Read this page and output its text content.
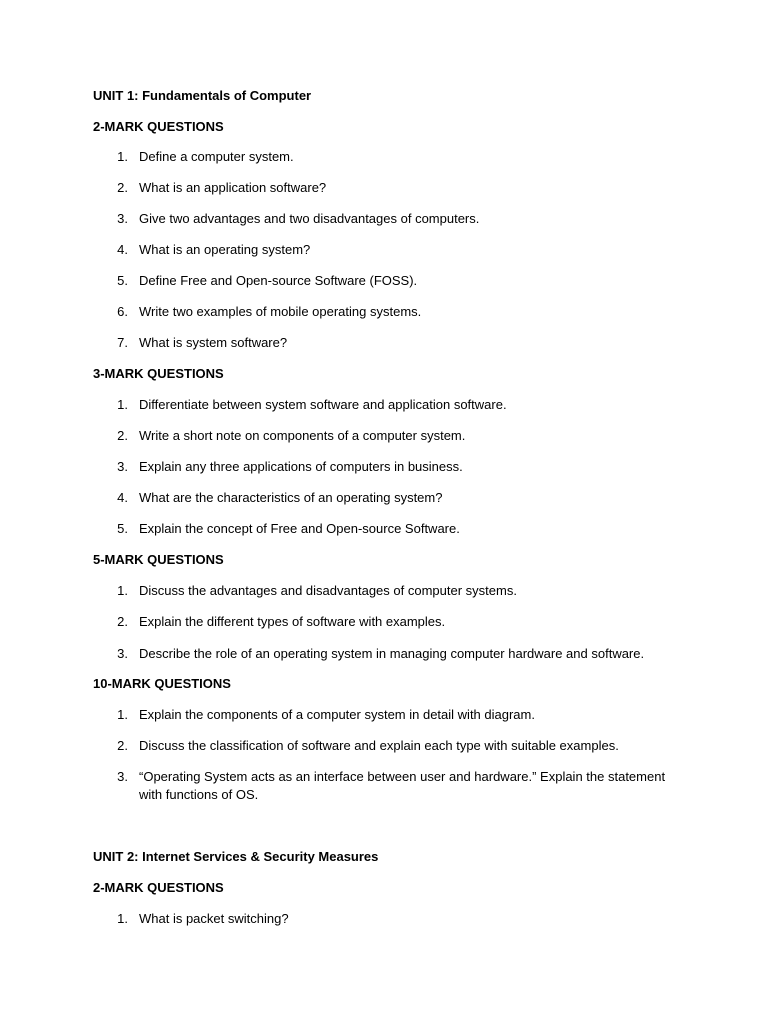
UNIT 1: Fundamentals of Computer
2-MARK QUESTIONS
1. Define a computer system.
2. What is an application software?
3. Give two advantages and two disadvantages of computers.
4. What is an operating system?
5. Define Free and Open-source Software (FOSS).
6. Write two examples of mobile operating systems.
7. What is system software?
3-MARK QUESTIONS
1. Differentiate between system software and application software.
2. Write a short note on components of a computer system.
3. Explain any three applications of computers in business.
4. What are the characteristics of an operating system?
5. Explain the concept of Free and Open-source Software.
5-MARK QUESTIONS
1. Discuss the advantages and disadvantages of computer systems.
2. Explain the different types of software with examples.
3. Describe the role of an operating system in managing computer hardware and software.
10-MARK QUESTIONS
1. Explain the components of a computer system in detail with diagram.
2. Discuss the classification of software and explain each type with suitable examples.
3. “Operating System acts as an interface between user and hardware.” Explain the statement with functions of OS.
UNIT 2: Internet Services & Security Measures
2-MARK QUESTIONS
1. What is packet switching?
